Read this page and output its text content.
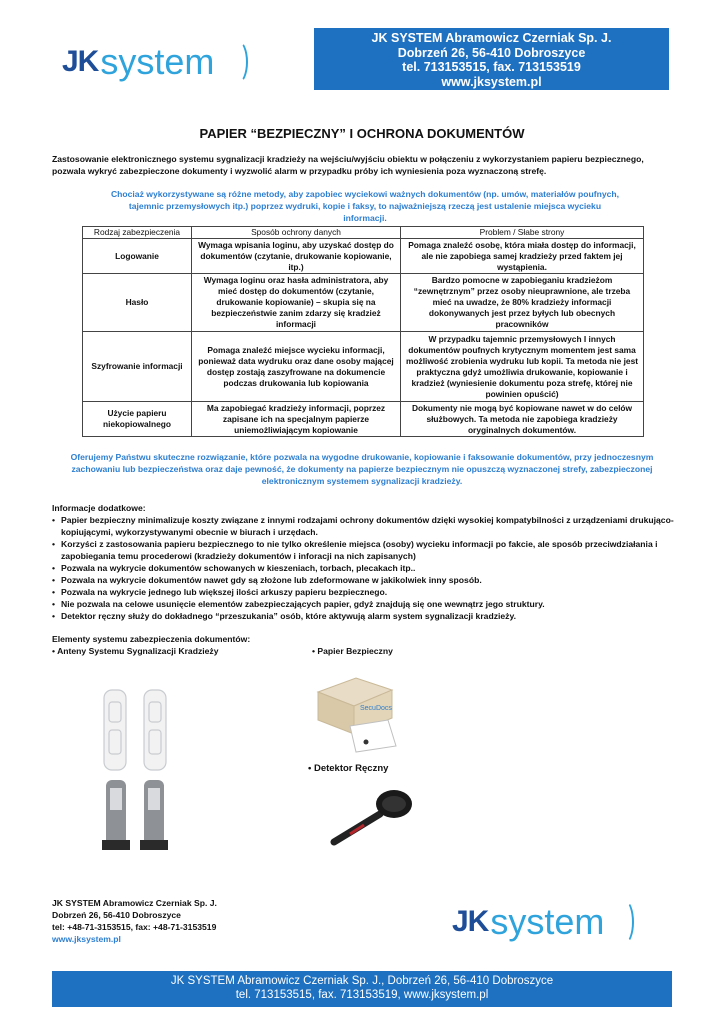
JK system
JK SYSTEM Abramowicz Czerniak Sp. J.
Dobrzeń 26, 56-410 Dobroszyce
tel. 713153515, fax. 713153519
www.jksystem.pl
PAPIER “BEZPIECZNY” I OCHRONA DOKUMENTÓW
Zastosowanie elektronicznego systemu sygnalizacji kradzieży na wejściu/wyjściu obiektu w połączeniu z wykorzystaniem papieru bezpiecznego, pozwala wykryć zabezpieczone dokumenty i wyzwolić alarm w przypadku próby ich wyniesienia poza wyznaczoną strefę.
Chociaż wykorzystywane są różne metody, aby zapobiec wyciekowi ważnych dokumentów (np. umów, materiałów poufnych, tajemnic przemysłowych itp.) poprzez wydruki, kopie i faksy, to najważniejszą rzeczą jest ustalenie miejsca wycieku informacji.
Rodzaj zabezpieczenia	Sposób ochrony danych	Problem / Słabe strony
Logowanie	Wymaga wpisania loginu, aby uzyskać dostęp do dokumentów (czytanie, drukowanie kopiowanie, itp.)	Pomaga znaleźć osobę, która miała dostęp do informacji, ale nie zapobiega samej kradzieży przed faktem jej wystąpienia.
Hasło	Wymaga loginu oraz hasła administratora, aby mieć dostęp do dokumentów (czytanie, drukowanie kopiowanie) – skupia się na bezpieczeństwie zanim zdarzy się kradzież informacji	Bardzo pomocne w zapobieganiu kradzieżom “zewnętrznym” przez osoby nieuprawnione, ale trzeba mieć na uwadze, że 80% kradzieży informacji dokonywanych jest przez byłych lub obecnych pracowników
Szyfrowanie informacji	Pomaga znaleźć miejsce wycieku informacji, ponieważ data wydruku oraz dane osoby mającej dostęp zostają zaszyfrowane na dokumencie podczas drukowania lub kopiowania	W przypadku tajemnic przemysłowych I innych dokumentów poufnych krytycznym momentem jest sama możliwość zrobienia wydruku lub kopii. Ta metoda nie jest praktyczna gdyż umożliwia drukowanie, kopiowanie i kradzież (wyniesienie dokumentu poza strefę, której nie powinien opuścić)
Użycie papieru niekopiowalnego	Ma zapobiegać kradzieży informacji, poprzez zapisane ich na specjalnym papierze uniemożliwiającym kopiowanie	Dokumenty nie mogą być kopiowane nawet w do celów służbowych. Ta metoda nie zapobiega kradzieży oryginalnych dokumentów.
Oferujemy Państwu skuteczne rozwiązanie, które pozwala na wygodne drukowanie, kopiowanie i faksowanie dokumentów, przy jednoczesnym zachowaniu lub bezpieczeństwa oraz daje pewność, że dokumenty na papierze bezpiecznym nie opuszczą wyznaczonej strefy, zabezpieczonej elektronicznym systemem sygnalizacji kradzieży.
Informacje dodatkowe:
• Papier bezpieczny minimalizuje koszty związane z innymi rodzajami ochrony dokumentów dzięki wysokiej kompatybilności z urządzeniami drukująco-kopiującymi, wykorzystywanymi obecnie w biurach i urzędach.
• Korzyści z zastosowania papieru bezpiecznego to nie tylko określenie miejsca (osoby) wycieku informacji po fakcie, ale sposób przeciwdziałania i zapobiegania temu procederowi (kradzieży dokumentów i inforacji na nich zapisanych)
• Pozwala na wykrycie dokumentów schowanych w kieszeniach, torbach, plecakach itp..
• Pozwala na wykrycie dokumentów nawet gdy są złożone lub zdeformowane w jakikolwiek inny sposób.
• Pozwala na wykrycie jednego lub większej ilości arkuszy papieru bezpiecznego.
• Nie pozwala na celowe usunięcie elementów zabezpieczających papier, gdyż znajdują się one wewnątrz jego struktury.
• Detektor ręczny służy do dokładnego “przeszukania” osób, które aktywują alarm system sygnalizacji kradzieży.
Elementy systemu zabezpieczenia dokumentów:
• Anteny Systemu Sygnalizacji Kradzieży	• Papier Bezpieczny
SecuDocs
• Detektor Ręczny
JK SYSTEM Abramowicz Czerniak Sp. J.
Dobrzeń 26, 56-410 Dobroszyce
tel: +48-71-3153515, fax: +48-71-3153519
www.jksystem.pl
JK system
JK SYSTEM Abramowicz Czerniak Sp. J., Dobrzeń 26, 56-410 Dobroszyce
tel. 713153515, fax. 713153519, www.jksystem.pl
